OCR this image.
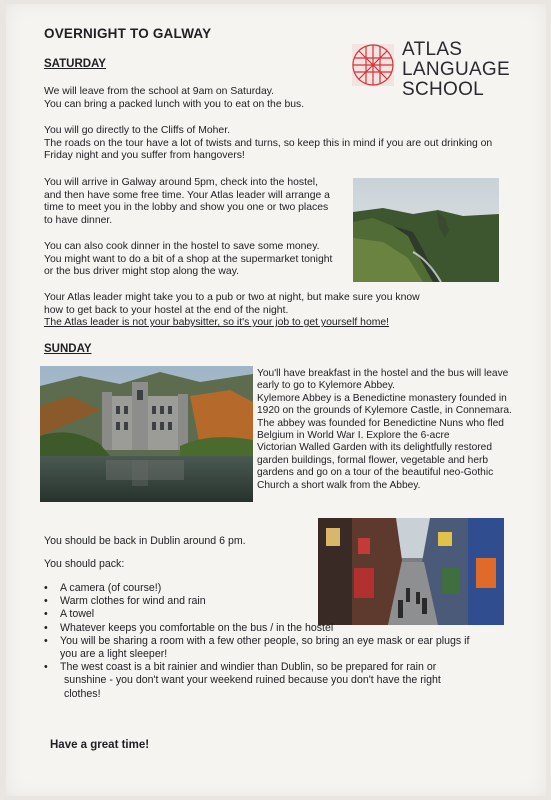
OVERNIGHT TO GALWAY
ATLAS
LANGUAGE
SCHOOL
SATURDAY
We will leave from the school at 9am on Saturday.
You can bring a packed lunch with you to eat on the bus.
You will go directly to the Cliffs of Moher.
The roads on the tour have a lot of twists and turns, so keep this in mind if you are out drinking on
Friday night and you suffer from hangovers!
You will arrive in Galway around 5pm, check into the hostel,
and then have some free time. Your Atlas leader will arrange a
time to meet you in the lobby and show you one or two places
to have dinner.
You can also cook dinner in the hostel to save some money.
You might want to do a bit of a shop at the supermarket tonight
or the bus driver might stop along the way.
Your Atlas leader might take you to a pub or two at night, but make sure you know
how to get back to your hostel at the end of the night.
The Atlas leader is not your babysitter, so it's your job to get yourself home!
SUNDAY
You'll have breakfast in the hostel and the bus will leave
early to go to Kylemore Abbey.
Kylemore Abbey is a Benedictine monastery founded in
1920 on the grounds of Kylemore Castle, in Connemara.
The abbey was founded for Benedictine Nuns who fled
Belgium in World War I. Explore the 6-acre
Victorian Walled Garden with its delightfully restored
garden buildings, formal flower, vegetable and herb
gardens and go on a tour of the beautiful neo-Gothic
Church a short walk from the Abbey.
You should be back in Dublin around 6 pm.
You should pack:
• A camera (of course!)
• Warm clothes for wind and rain
• A towel
• Whatever keeps you comfortable on the bus / in the hostel
• You will be sharing a room with a few other people, so bring an eye mask or ear plugs if
you are a light sleeper!
• The west coast is a bit rainier and windier than Dublin, so be prepared for rain or
sunshine - you don't want your weekend ruined because you don't have the right
clothes!
Have a great time!
